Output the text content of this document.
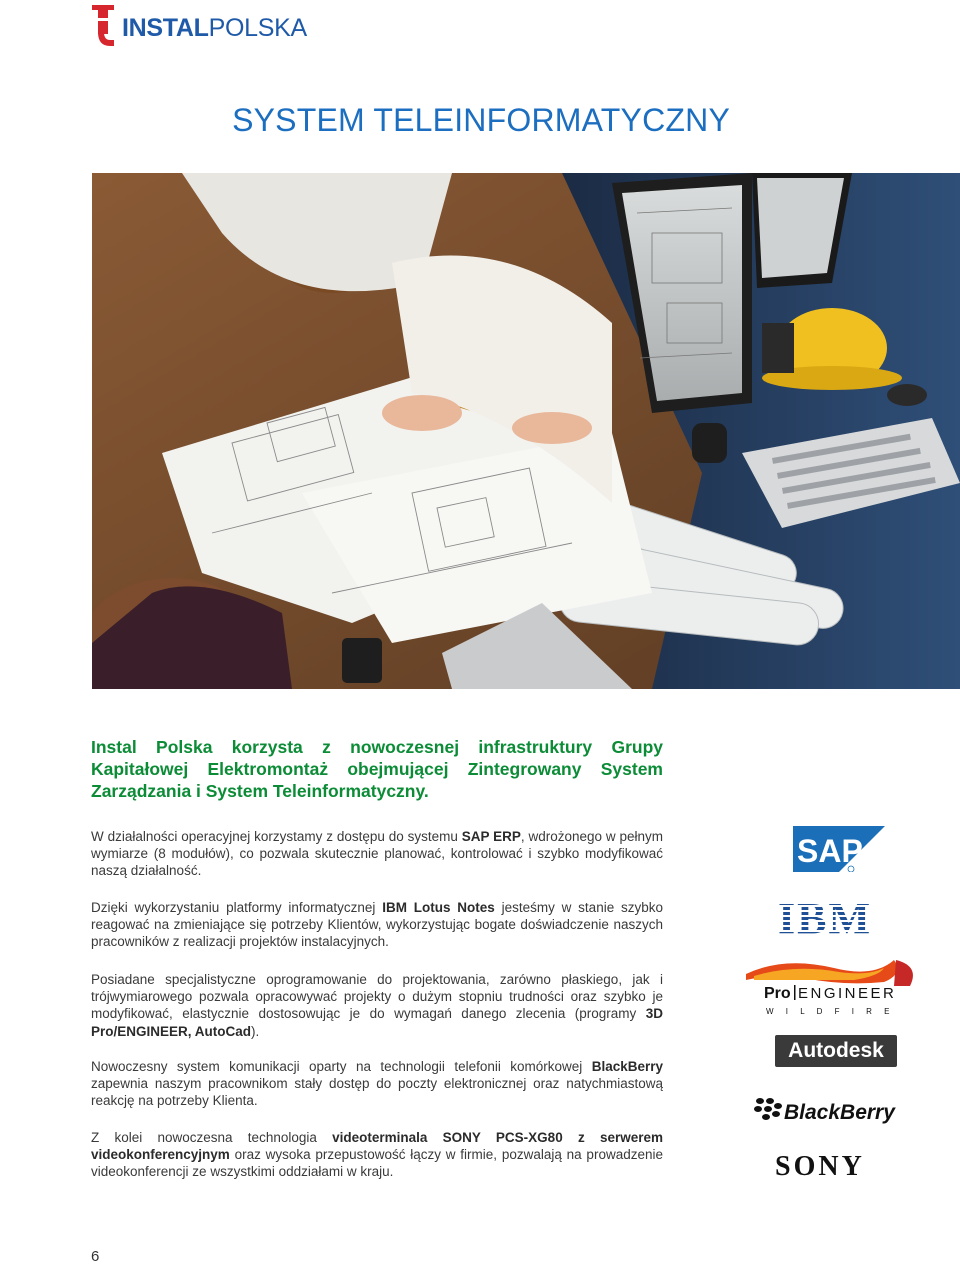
INSTALPOLSKA
SYSTEM TELEINFORMATYCZNY
Instal Polska korzysta z nowoczesnej infrastruktury Grupy Kapitałowej Elektromontaż obejmującej Zintegrowany System Zarządzania i System Teleinformatyczny.
W działalności operacyjnej korzystamy z dostępu do systemu SAP ERP, wdrożonego w pełnym wymiarze (8 modułów), co pozwala skutecznie planować, kontrolować i szybko modyfikować naszą działalność.
Dzięki wykorzystaniu platformy informatycznej IBM Lotus Notes jesteśmy w stanie szybko reagować na zmieniające się potrzeby Klientów, wykorzystując bogate doświadczenie naszych pracowników z realizacji projektów instalacyjnych.
Posiadane specjalistyczne oprogramowanie do projektowania, zarówno płaskiego, jak i trójwymiarowego pozwala opracowywać projekty o dużym stopniu trudności oraz szybko je modyfikować, elastycznie dostosowując je do wymagań danego zlecenia (programy 3D Pro/ENGINEER, AutoCad).
Nowoczesny system komunikacji oparty na technologii telefonii komórkowej BlackBerry zapewnia naszym pracownikom stały dostęp do poczty elektronicznej oraz natychmiastową reakcję na potrzeby Klienta.
Z kolei nowoczesna technologia videoterminala SONY PCS-XG80 z serwerem videokonferencyjnym oraz wysoka przepustowość łączy w firmie, pozwalają na prowadzenie videokonferencji ze wszystkimi oddziałami w kraju.
SAP
IBM
Pro ENGINEER
W I L D F I R E
Autodesk
BlackBerry
SONY
6
